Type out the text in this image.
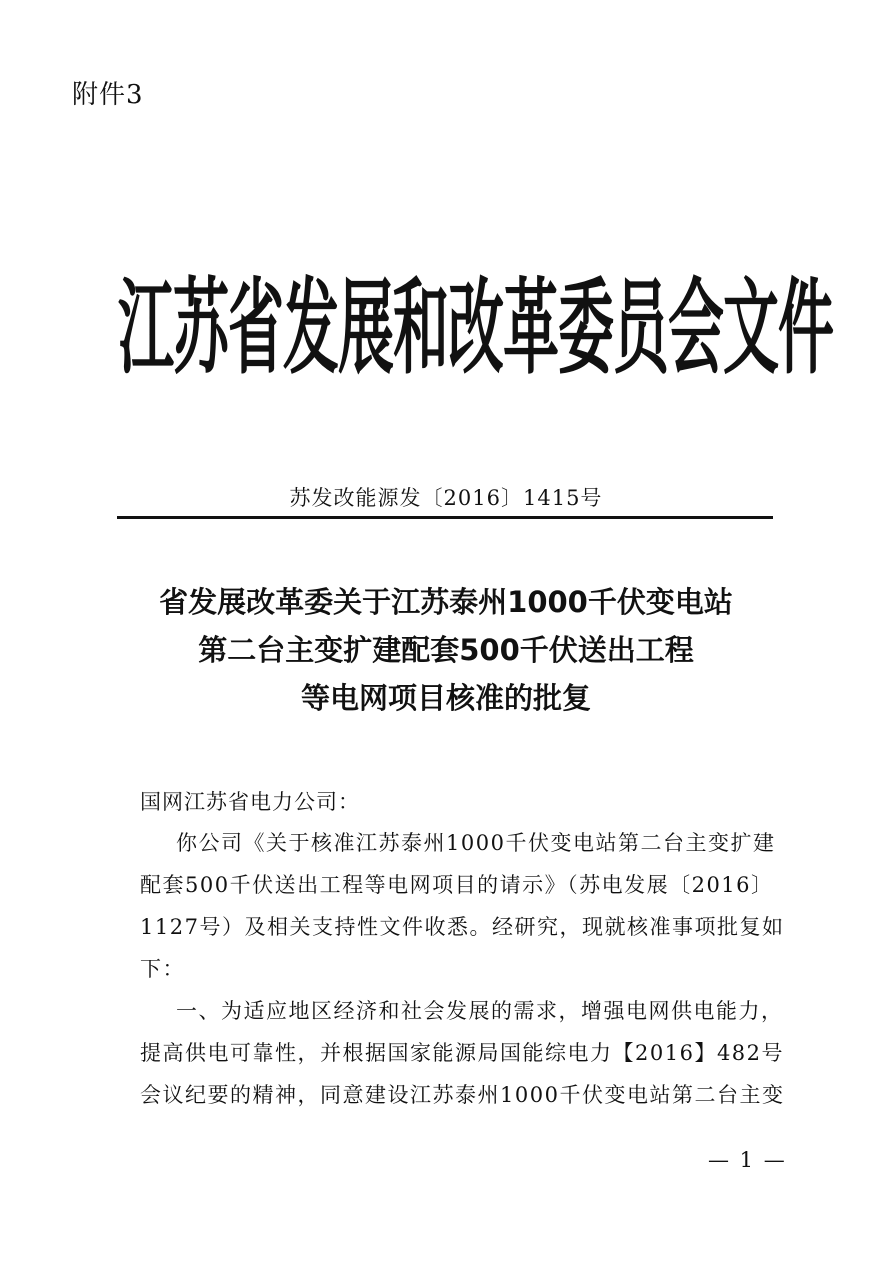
附件3
江苏省发展和改革委员会文件
苏发改能源发〔2016〕1415号
省发展改革委关于江苏泰州1000千伏变电站
第二台主变扩建配套500千伏送出工程
等电网项目核准的批复
国网江苏省电力公司：
你公司《关于核准江苏泰州1000千伏变电站第二台主变扩建
配套500千伏送出工程等电网项目的请示》（苏电发展〔2016〕
1127号）及相关支持性文件收悉。经研究，现就核准事项批复如
下：
一、为适应地区经济和社会发展的需求，增强电网供电能力，
提高供电可靠性，并根据国家能源局国能综电力【2016】482号
会议纪要的精神，同意建设江苏泰州1000千伏变电站第二台主变
— 1 —
